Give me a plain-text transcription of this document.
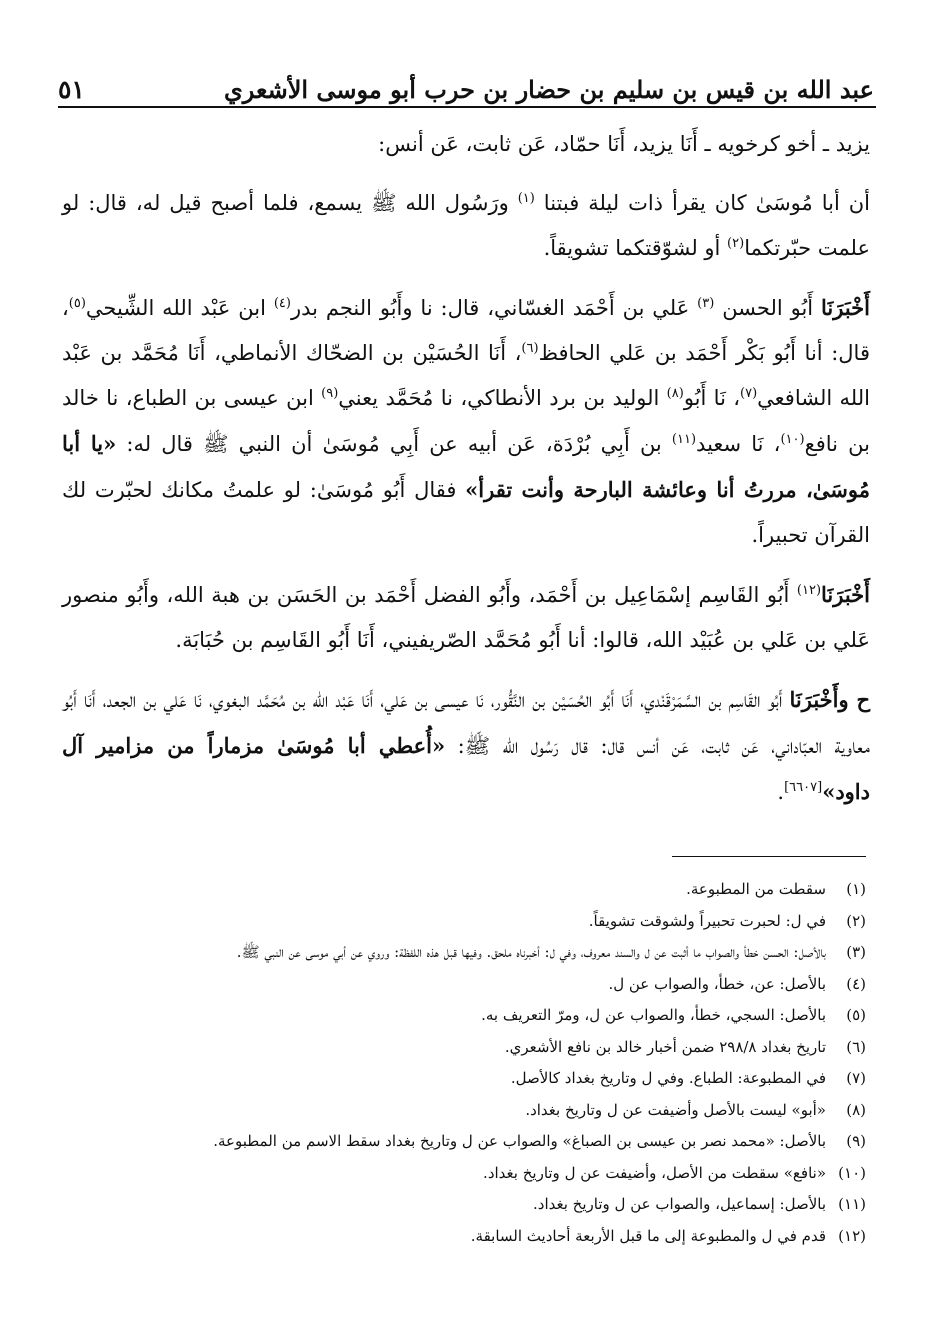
عبد الله بن قيس بن سليم بن حضار بن حرب أبو موسى الأشعري
٥١

يزيد ـ أخو كرخويه ـ أَنَا يزيد، أَنَا حمّاد، عَن ثابت، عَن أنس:

أن أبا مُوسَىٰ كان يقرأ ذات ليلة فبتنا $^{(١)}$ ورَسُول الله ﷺ يسمع، فلما أصبح قيل له، قال: لو علمت حبّرتكما$^{(٢)}$ أو لشوّقتكما تشويقاً.

أَخْبَرَنَا أَبُو الحسن $^{(٣)}$ عَلي بن أَحْمَد الغسّاني، قال: نا وأَبُو النجم بدر$^{(٤)}$ ابن عَبْد الله الشِّيحي$^{(٥)}$، قال: أنا أَبُو بَكْر أَحْمَد بن عَلي الحافظ$^{(٦)}$، أَنَا الحُسَيْن بن الضحّاك الأنماطي، أَنَا مُحَمَّد بن عَبْد الله الشافعي$^{(٧)}$، نَا أَبُو$^{(٨)}$ الوليد بن برد الأنطاكي، نا مُحَمَّد يعني$^{(٩)}$ ابن عيسى بن الطباع، نا خالد بن نافع$^{(١٠)}$، نَا سعيد$^{(١١)}$ بن أَبِي بُرْدَة، عَن أبيه عن أَبِي مُوسَىٰ أن النبي ﷺ قال له: «يا أبا مُوسَىٰ، مررتُ أنا وعائشة البارحة وأنت تقرأ» فقال أَبُو مُوسَىٰ: لو علمتُ مكانك لحبّرت لك القرآن تحبيراً.

أَخْبَرَنَا$^{(١٢)}$ أَبُو القَاسِم إسْمَاعِيل بن أَحْمَد، وأَبُو الفضل أَحْمَد بن الحَسَن بن هبة الله، وأَبُو منصور عَلي بن عَلي بن عُبَيْد الله، قالوا: أنا أَبُو مُحَمَّد الصّريفيني، أَنَا أَبُو القَاسِم بن حُبَابَة.

ح وأَخْبَرَنَا أَبُو القَاسِم بن السَّمَرْقَنْدي، أَنَا أَبُو الحُسَيْن بن النَّقُّور، نَا عيسى بن عَلي، أَنَا عَبْد الله بن مُحَمَّد البغوي، نَا عَلي بن الجعد، أَنَا أَبُو معاوية العبّاداني، عَن ثابت، عَن أنس قال: قال رَسُول الله ﷺ: «أُعطي أبا مُوسَىٰ مزماراً من مزامير آل داود»[٦٦٠٧].

(١)
سقطت من المطبوعة.
(٢)
في ل: لحبرت تحبيراً ولشوقت تشويقاً.
(٣)
بالأصل: الحسن خطأ والصواب ما أثبت عن ل والسند معروف، وفي ل: أخبرناه ملحق. وفيها قبل هذه اللفظة: وروي عن أبي موسى عن النبي ﷺ.
(٤)
بالأصل: عن، خطأ، والصواب عن ل.
(٥)
بالأصل: السجي، خطأ، والصواب عن ل، ومرّ التعريف به.
(٦)
تاريخ بغداد ٢٩٨/٨ ضمن أخبار خالد بن نافع الأشعري.
(٧)
في المطبوعة: الطباع. وفي ل وتاريخ بغداد كالأصل.
(٨)
«أبو» ليست بالأصل وأضيفت عن ل وتاريخ بغداد.
(٩)
بالأصل: «محمد نصر بن عيسى بن الصباغ» والصواب عن ل وتاريخ بغداد سقط الاسم من المطبوعة.
(١٠)
«نافع» سقطت من الأصل، وأضيفت عن ل وتاريخ بغداد.
(١١)
بالأصل: إسماعيل، والصواب عن ل وتاريخ بغداد.
(١٢)
قدم في ل والمطبوعة إلى ما قبل الأربعة أحاديث السابقة.
